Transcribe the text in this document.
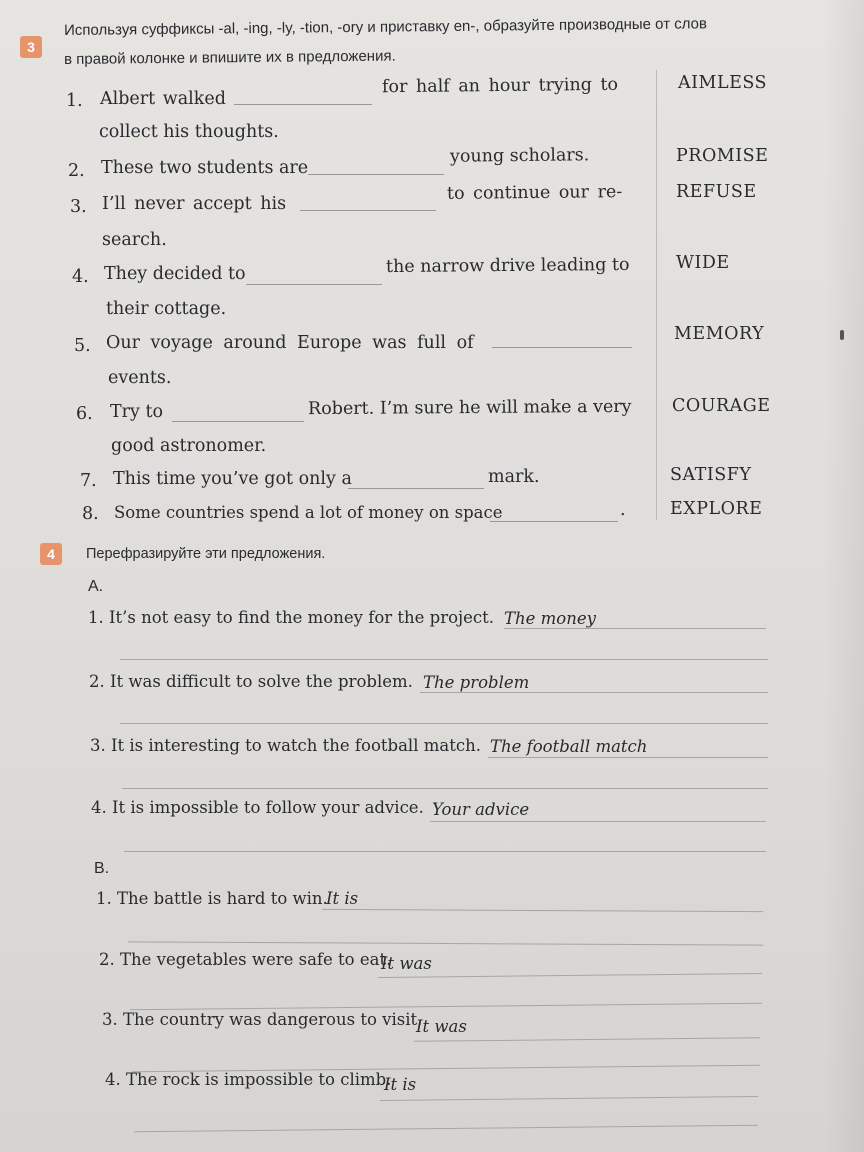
3
Используя суффиксы -al, -ing, -ly, -tion, -ory и приставку en-, образуйте производные от слов
в правой колонке и впишите их в предложения.
1. Albert walked
for half an hour trying to
collect his thoughts.
AIMLESS
2. These two students are
young scholars.	PROMISE
3. I’ll never accept his
to continue our re-
search.
REFUSE
4. They decided to	the narrow drive leading to
their cottage.
WIDE
5. Our voyage around Europe was full of
events.
MEMORY
6. Try to	Robert. I’m sure he will make a very
good astronomer.
COURAGE
7. This time you’ve got only a	mark.	SATISFY
8. Some countries spend a lot of money on space	.	EXPLORE
4	Перефразируйте эти предложения.
A.
1. It’s not easy to find the money for the project. The money
2. It was difficult to solve the problem. The problem
3. It is interesting to watch the football match. The football match
4. It is impossible to follow your advice. Your advice
B.
1. The battle is hard to win.
It is
2. The vegetables were safe to eat.
It was
3. The country was dangerous to visit.
It was
4. The rock is impossible to climb.
It is
